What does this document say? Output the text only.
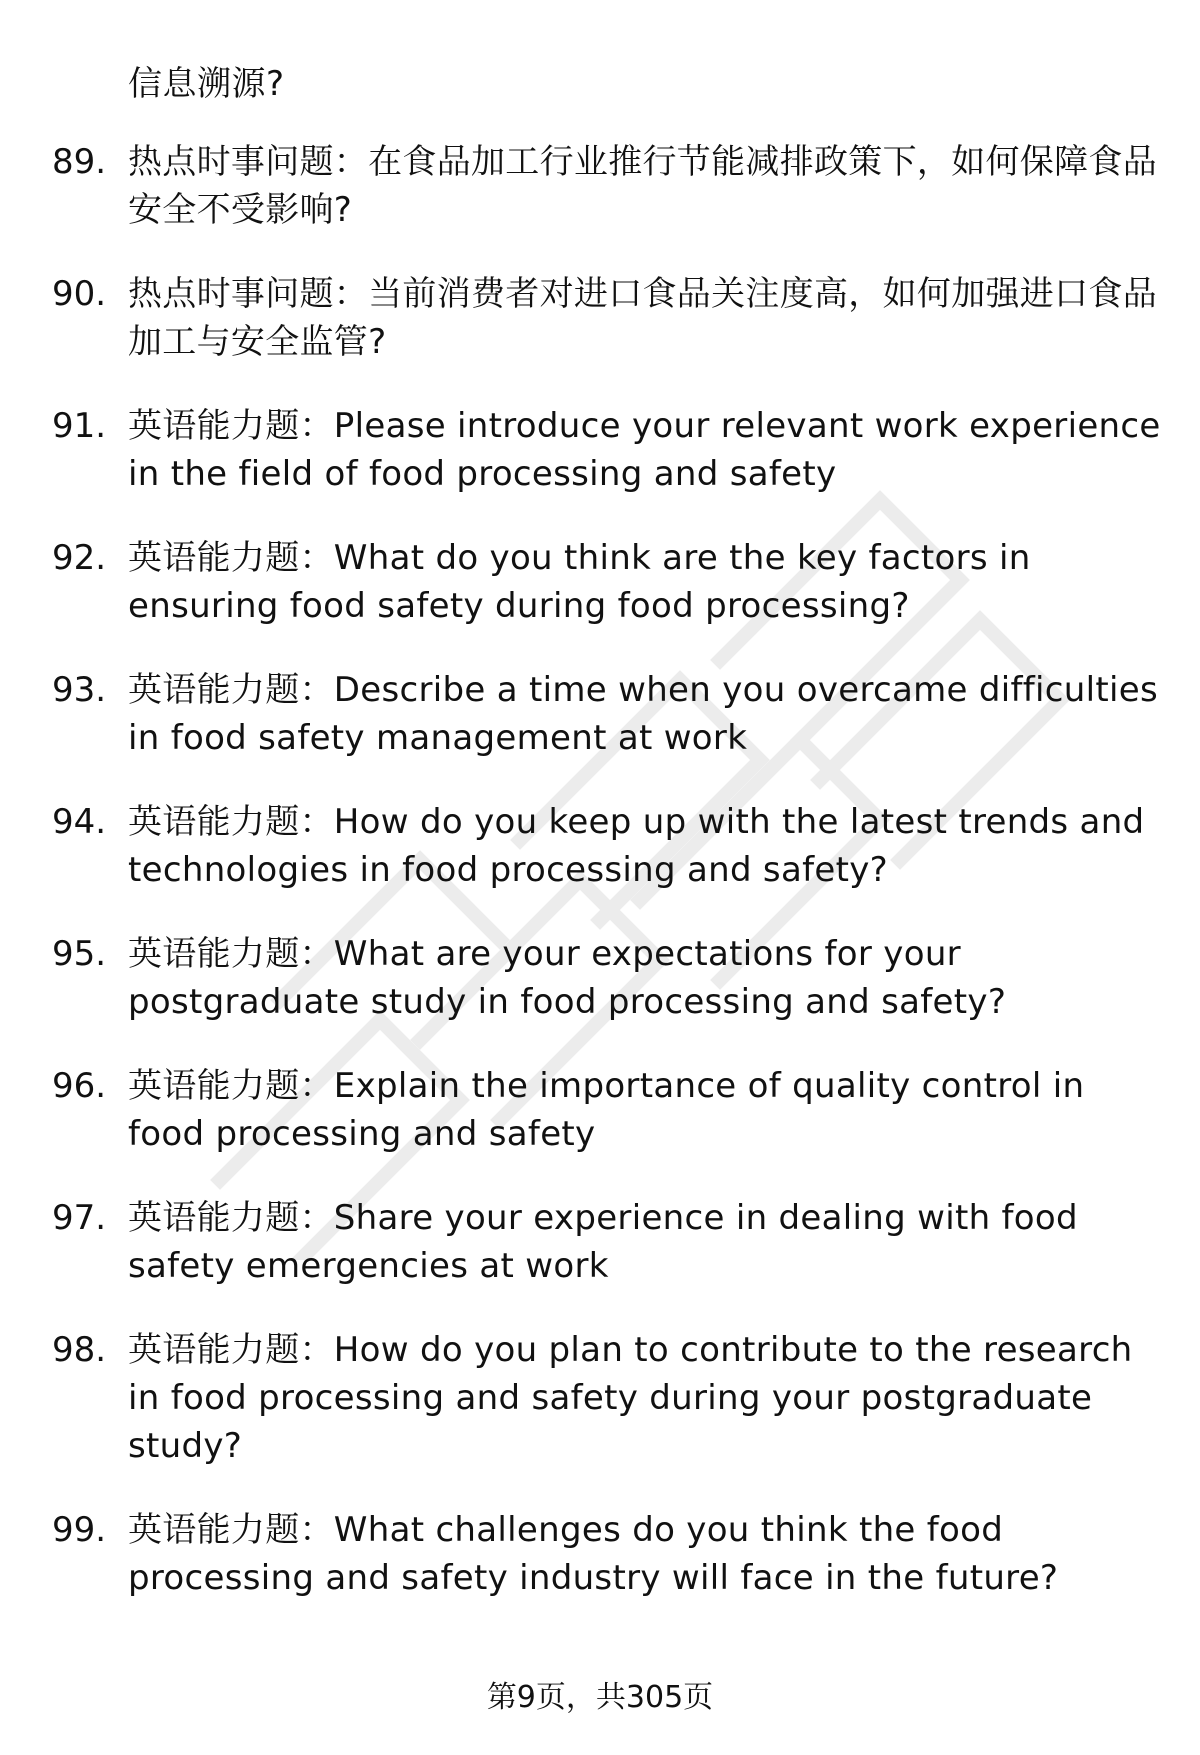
信息溯源?
89. 热点时事问题：在食品加工行业推行节能减排政策下，如何保障食品安全不受影响?
90. 热点时事问题：当前消费者对进口食品关注度高，如何加强进口食品加工与安全监管?
91. 英语能力题：Please introduce your relevant work experience in the field of food processing and safety
92. 英语能力题：What do you think are the key factors in ensuring food safety during food processing?
93. 英语能力题：Describe a time when you overcame difficulties in food safety management at work
94. 英语能力题：How do you keep up with the latest trends and technologies in food processing and safety?
95. 英语能力题：What are your expectations for your postgraduate study in food processing and safety?
96. 英语能力题：Explain the importance of quality control in food processing and safety
97. 英语能力题：Share your experience in dealing with food safety emergencies at work
98. 英语能力题：How do you plan to contribute to the research in food processing and safety during your postgraduate study?
99. 英语能力题：What challenges do you think the food processing and safety industry will face in the future?
第9页，共305页
